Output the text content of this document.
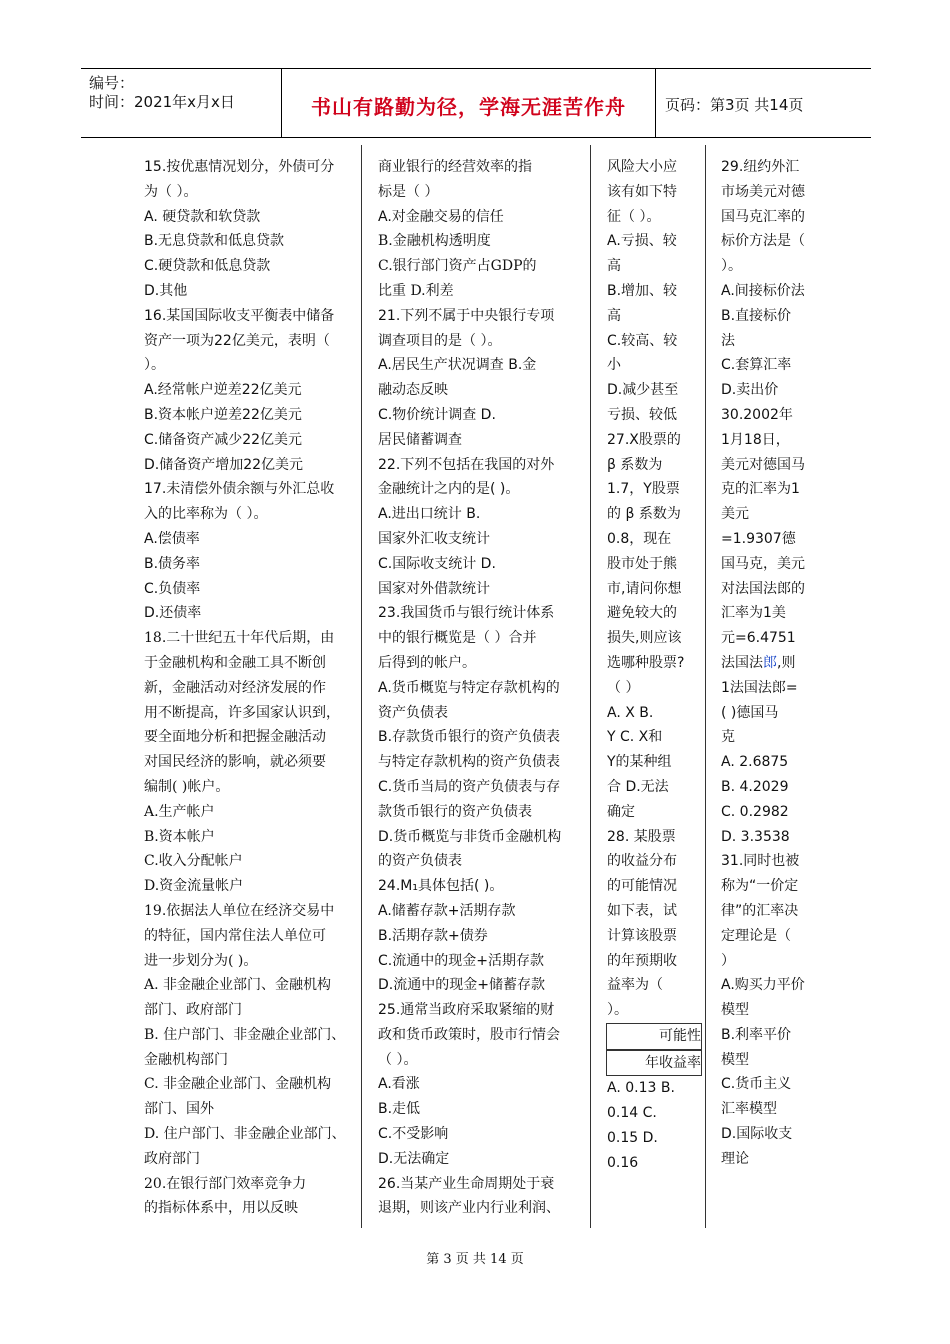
编号：
时间：2021年x月x日	书山有路勤为径，学海无涯苦作舟	页码：第3页 共14页
15.按优惠情况划分，外债可分
为（ ）。
A. 硬贷款和软贷款
B.无息贷款和低息贷款
C.硬贷款和低息贷款
D.其他
16.某国国际收支平衡表中储备
资产一项为22亿美元，表明（
）。
A.经常帐户逆差22亿美元
B.资本帐户逆差22亿美元
C.储备资产减少22亿美元
D.储备资产增加22亿美元
17.未清偿外债余额与外汇总收
入的比率称为（ ）。
A.偿债率
B.债务率
C.负债率
D.还债率
18.二十世纪五十年代后期，由
于金融机构和金融工具不断创
新，金融活动对经济发展的作
用不断提高，许多国家认识到，
要全面地分析和把握金融活动
对国民经济的影响，就必须要
编制( )帐户。
A.生产帐户
B.资本帐户
C.收入分配帐户
D.资金流量帐户
19.依据法人单位在经济交易中
的特征，国内常住法人单位可
进一步划分为( )。
A. 非金融企业部门、金融机构
部门、政府部门
B. 住户部门、非金融企业部门、
金融机构部门
C. 非金融企业部门、金融机构
部门、国外
D. 住户部门、非金融企业部门、
政府部门
20.在银行部门效率竞争力
的指标体系中，用以反映
商业银行的经营效率的指
标是（ ）
A.对金融交易的信任
B.金融机构透明度
C.银行部门资产占GDP的
比重 D.利差
21.下列不属于中央银行专项
调查项目的是（ ）。
A.居民生产状况调查 B.金
融动态反映
C.物价统计调查 D.
居民储蓄调查
22.下列不包括在我国的对外
金融统计之内的是( )。
A.进出口统计 B.
国家外汇收支统计
C.国际收支统计 D.
国家对外借款统计
23.我国货币与银行统计体系
中的银行概览是（ ）合并
后得到的帐户。
A.货币概览与特定存款机构的
资产负债表
B.存款货币银行的资产负债表
与特定存款机构的资产负债表
C.货币当局的资产负债表与存
款货币银行的资产负债表
D.货币概览与非货币金融机构
的资产负债表
24.M₁具体包括( )。
A.储蓄存款+活期存款
B.活期存款+债券
C.流通中的现金+活期存款
D.流通中的现金+储蓄存款
25.通常当政府采取紧缩的财
政和货币政策时，股市行情会
（ ）。
A.看涨
B.走低
C.不受影响
D.无法确定
26.当某产业生命周期处于衰
退期，则该产业内行业利润、
风险大小应
该有如下特
征（ ）。
A.亏损、较
高
B.增加、较
高
C.较高、较
小
D.减少甚至
亏损、较低
27.X股票的
β 系数为
1.7，Y股票
的 β 系数为
0.8，现在
股市处于熊
市,请问你想
避免较大的
损失,则应该
选哪种股票?
（ ）
A. X B.
Y C. X和
Y的某种组
合 D.无法
确定
28. 某股票
的收益分布
的可能情况
如下表，试
计算该股票
的年预期收
益率为（
）。
可能性
年收益率
A. 0.13 B.
0.14 C.
0.15 D.
0.16
29.纽约外汇
市场美元对德
国马克汇率的
标价方法是（
）。
A.间接标价法
B.直接标价
法
C.套算汇率
D.卖出价
30.2002年
1月18日，
美元对德国马
克的汇率为1
美元
=1.9307德
国马克，美元
对法国法郎的
汇率为1美
元=6.4751
法国法郎,则
1法国法郎=
( )德国马
克
A. 2.6875
B. 4.2029
C. 0.2982
D. 3.3538
31.同时也被
称为“一价定
律”的汇率决
定理论是（
）
A.购买力平价
模型
B.利率平价
模型
C.货币主义
汇率模型
D.国际收支
理论
第 3 页 共 14 页
